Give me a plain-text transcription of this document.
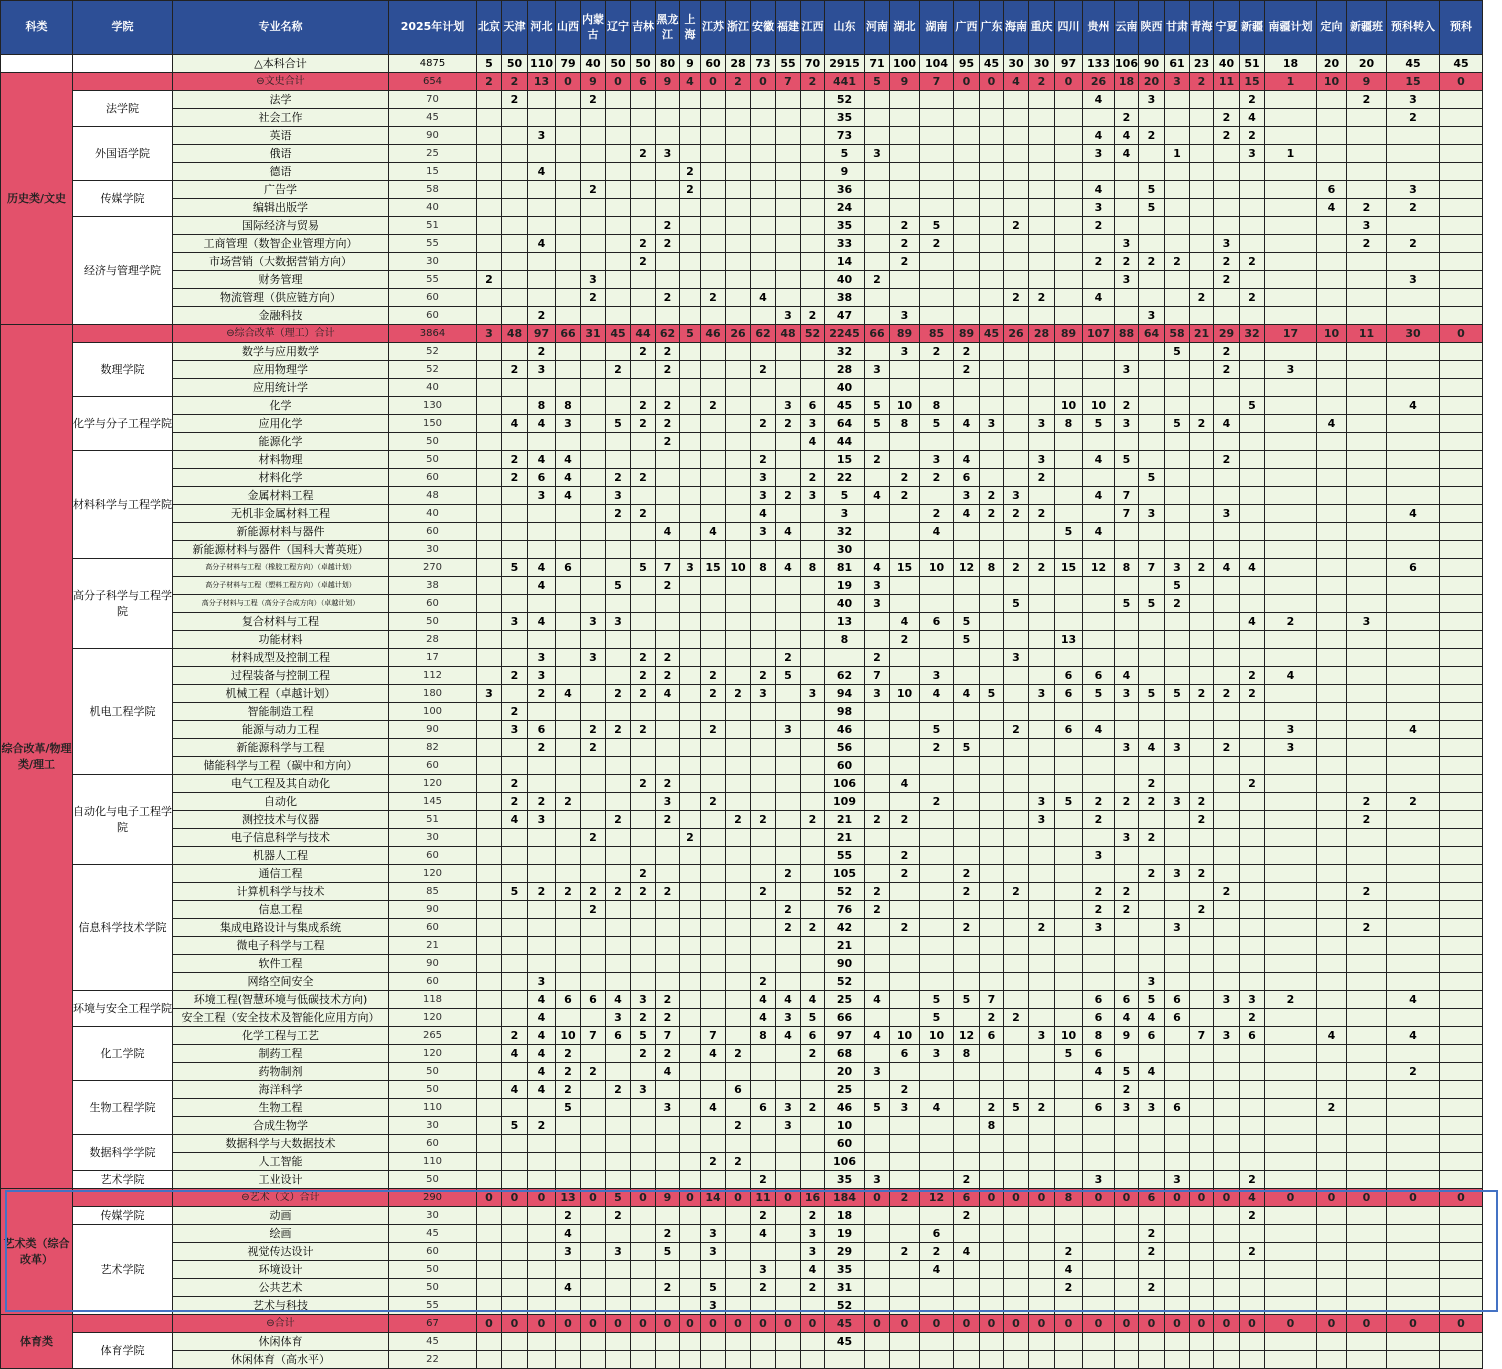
科类	学院	专业名称	2025年计划	北京	天津	河北	山西	内蒙古	辽宁	吉林	黑龙江	上海	江苏	浙江	安徽	福建	江西	山东	河南	湖北	湖南	广西	广东	海南	重庆	四川	贵州	云南	陕西	甘肃	青海	宁夏	新疆	南疆计划	定向	新疆班	预科转入	预科
		△本科合计	4875	5	50	110	79	40	50	50	80	9	60	28	73	55	70	2915	71	100	104	95	45	30	30	97	133	106	90	61	23	40	51	18	20	20	45	45
历史类/文史		⊖文史合计	654	2	2	13	0	9	0	6	9	4	0	2	0	7	2	441	5	9	7	0	0	4	2	0	26	18	20	3	2	11	15	1	10	9	15	0
	法学院	法学	70		2			2										52									4		3				2			2	3	
		社会工作	45															35										2				2	4				2	
	外国语学院	英语	90			3												73									4	4	2			2	2					
		俄语	25							2	3							5	3								3	4		1			3	1				
		德语	15			4						2						9																				
	传媒学院	广告学	58					2				2						36									4		5						6		3	
		编辑出版学	40															24									3		5						4	2	2	
	经济与管理学院	国际经济与贸易	51								2							35		2	5			2			2									3		
		工商管理（数智企业管理方向）	55			4				2	2							33		2	2							3				3				2	2	
		市场营销（大数据营销方向）	30							2								14		2							2	2	2	2		2	2					
		财务管理	55	2				3										40	2									3				2					3	
		物流管理（供应链方向）	60					2			2		2		4			38						2	2		4				2		2					
		金融科技	60			2										3	2	47		3									3									
综合改革/物理类/理工		⊖综合改革（理工）合计	3864	3	48	97	66	31	45	44	62	5	46	26	62	48	52	2245	66	89	85	89	45	26	28	89	107	88	64	58	21	29	32	17	10	11	30	0
	数理学院	数学与应用数学	52			2				2	2							32		3	2	2								5		2						
		应用物理学	52		2	3			2		2				2			28	3			2						3				2		3				
		应用统计学	40															40																				
	化学与分子工程学院	化学	130			8	8			2	2		2			3	6	45	5	10	8					10	10	2					5				4	
		应用化学	150		4	4	3		5	2	2				2	2	3	64	5	8	5	4	3		3	8	5	3		5	2	4			4			
		能源化学	50								2						4	44																				
	材料科学与工程学院	材料物理	50		2	4	4								2			15	2		3	4			3		4	5				2						
		材料化学	60		2	6	4		2	2					3		2	22		2	2	6			2				5									
		金属材料工程	48			3	4		3						3	2	3	5	4	2		3	2	3			4	7										
		无机非金属材料工程	40						2	2					4			3			2	4	2	2	2			7	3			3					4	
		新能源材料与器件	60								4		4		3	4		32			4					5	4											
		新能源材料与器件（国科大菁英班）	30															30																				
	高分子科学与工程学院	高分子材料与工程（橡胶工程方向）（卓越计划）	270		5	4	6			5	7	3	15	10	8	4	8	81	4	15	10	12	8	2	2	15	12	8	7	3	2	4	4				6	
		高分子材料与工程（塑料工程方向）（卓越计划）	38			4			5		2							19	3											5								
		高分子材料与工程（高分子合成方向）（卓越计划）	60															40	3					5				5	5	2								
		复合材料与工程	50		3	4		3	3									13		4	6	5											4	2		3		
		功能材料	28															8		2		5				13												
	机电工程学院	材料成型及控制工程	17			3		3		2	2					2			2					3														
		过程装备与控制工程	112		2	3				2	2		2		2	5		62	7		3					6	6	4					2	4				
		机械工程（卓越计划）	180	3		2	4		2	2	4		2	2	3		3	94	3	10	4	4	5		3	6	5	3	5	5	2	2	2					
		智能制造工程	100		2													98																				
		能源与动力工程	90		3	6		2	2	2			2			3		46			5			2		6	4							3			4	
		新能源科学与工程	82			2		2										56			2	5						3	4	3		2		3				
		储能科学与工程（碳中和方向）	60															60																				
	自动化与电子工程学院	电气工程及其自动化	120		2					2	2							106		4									2				2					
		自动化	145		2	2	2				3		2					109			2				3	5	2	2	2	3	2					2	2	
		测控技术与仪器	51		4	3			2		2			2	2		2	21	2	2					3		2				2					2		
		电子信息科学与技术	30					2				2						21										3	2									
		机器人工程	60															55		2							3											
	信息科学技术学院	通信工程	120							2						2		105		2		2							2	3	2							
		计算机科学与技术	85		5	2	2	2	2	2	2				2			52	2			2		2			2	2				2				2		
		信息工程	90					2								2		76	2								2	2			2							
		集成电路设计与集成系统	60													2	2	42		2		2			2		3			3						2		
		微电子科学与工程	21															21																				
		软件工程	90															90																				
		网络空间安全	60			3									2			52											3									
	环境与安全工程学院	环境工程(智慧环境与低碳技术方向)	118			4	6	6	4	3	2				4	4	4	25	4		5	5	7				6	6	5	6		3	3	2			4	
		安全工程（安全技术及智能化应用方向）	120			4			3	2	2				4	3	5	66			5		2	2			6	4	4	6			2					
	化工学院	化学工程与工艺	265		2	4	10	7	6	5	7		7		8	4	6	97	4	10	10	12	6		3	10	8	9	6		7	3	6		4		4	
		制药工程	120		4	4	2			2	2		4	2			2	68		6	3	8				5	6											
		药物制剂	50			4	2	2			4							20	3								4	5	4								2	
	生物工程学院	海洋科学	50		4	4	2		2	3				6				25		2								2										
		生物工程	110				5				3		4		6	3	2	46	5	3	4		2	5	2		6	3	3	6					2			
		合成生物学	30		5	2								2		3		10					8															
	数据科学学院	数据科学与大数据技术	60															60																				
		人工智能	110										2	2				106																				
	艺术学院	工业设计	50												2			35	3			2					3			3			2					
艺术类（综合改革）		⊖艺术（文）合计	290	0	0	0	13	0	5	0	9	0	14	0	11	0	16	184	0	2	12	6	0	0	0	8	0	0	6	0	0	0	4	0	0	0	0	0
	传媒学院	动画	30				2		2						2		2	18				2											2					
	艺术学院	绘画	45				4				2		3		4		3	19			6								2									
		视觉传达设计	60				3		3		5		3				3	29		2	2	4				2			2				2					
		环境设计	50												3		4	35			4					4												
		公共艺术	50				4				2		5		2		2	31								2			2									
		艺术与科技	55										3					52																				
体育类		⊖合计	67	0	0	0	0	0	0	0	0	0	0	0	0	0	0	45	0	0	0	0	0	0	0	0	0	0	0	0	0	0	0	0	0	0	0	0
	体育学院	休闲体育	45															45																				
		休闲体育（高水平）	22																																			
